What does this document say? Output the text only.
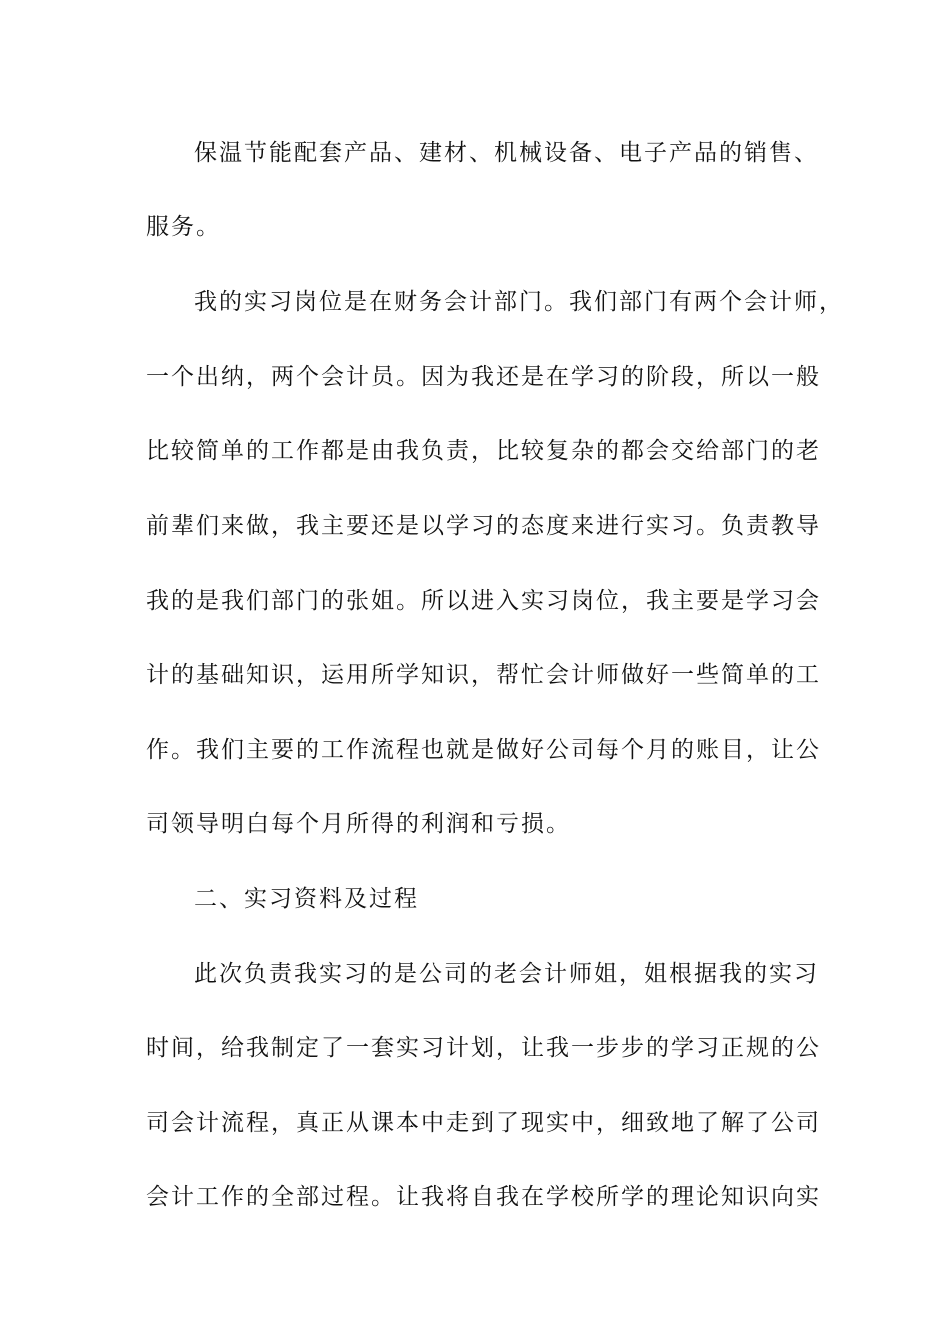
保温节能配套产品、建材、机械设备、电子产品的销售、
服务。
我的实习岗位是在财务会计部门。我们部门有两个会计师，
一个出纳，两个会计员。因为我还是在学习的阶段，所以一般
比较简单的工作都是由我负责，比较复杂的都会交给部门的老
前辈们来做，我主要还是以学习的态度来进行实习。负责教导
我的是我们部门的张姐。所以进入实习岗位，我主要是学习会
计的基础知识，运用所学知识，帮忙会计师做好一些简单的工
作。我们主要的工作流程也就是做好公司每个月的账目，让公
司领导明白每个月所得的利润和亏损。
二、实习资料及过程
此次负责我实习的是公司的老会计师姐，姐根据我的实习
时间，给我制定了一套实习计划，让我一步步的学习正规的公
司会计流程，真正从课本中走到了现实中，细致地了解了公司
会计工作的全部过程。让我将自我在学校所学的理论知识向实
